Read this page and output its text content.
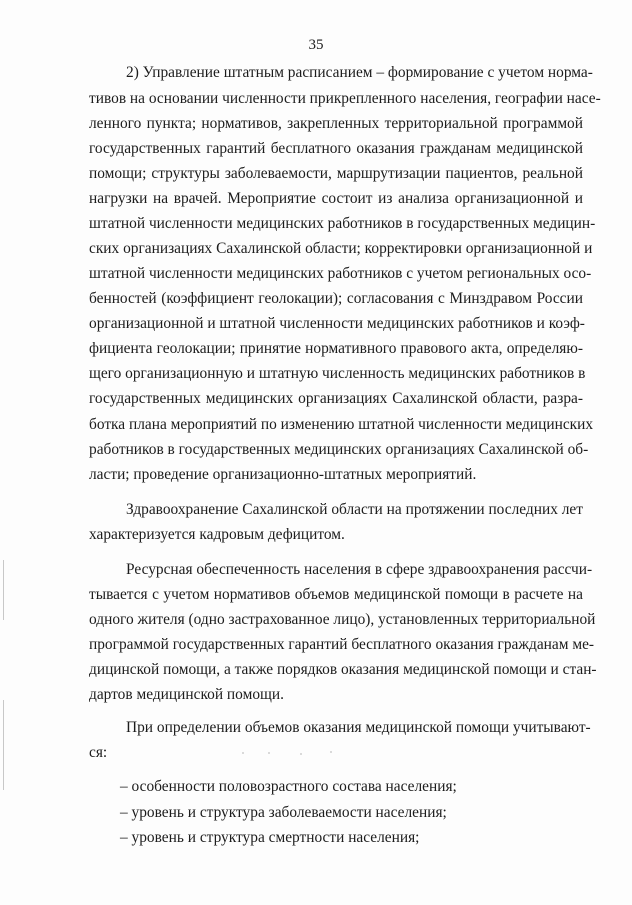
35
2) Управление штатным расписанием – формирование с учетом норма-
тивов на основании численности прикрепленного населения, географии насе-
ленного пункта; нормативов, закрепленных территориальной программой
государственных гарантий бесплатного оказания гражданам медицинской
помощи; структуры заболеваемости, маршрутизации пациентов, реальной
нагрузки на врачей. Мероприятие состоит из анализа организационной и
штатной численности медицинских работников в государственных медицин-
ских организациях Сахалинской области; корректировки организационной и
штатной численности медицинских работников с учетом региональных осо-
бенностей (коэффициент геолокации); согласования с Минздравом России
организационной и штатной численности медицинских работников и коэф-
фициента геолокации; принятие нормативного правового акта, определяю-
щего организационную и штатную численность медицинских работников в
государственных медицинских организациях Сахалинской области, разра-
ботка плана мероприятий по изменению штатной численности медицинских
работников в государственных медицинских организациях Сахалинской об-
ласти; проведение организационно-штатных мероприятий.
Здравоохранение Сахалинской области на протяжении последних лет
характеризуется кадровым дефицитом.
Ресурсная обеспеченность населения в сфере здравоохранения рассчи-
тывается с учетом нормативов объемов медицинской помощи в расчете на
одного жителя (одно застрахованное лицо), установленных территориальной
программой государственных гарантий бесплатного оказания гражданам ме-
дицинской помощи, а также порядков оказания медицинской помощи и стан-
дартов медицинской помощи.
При определении объемов оказания медицинской помощи учитывают-
ся:
– особенности половозрастного состава населения;
– уровень и структура заболеваемости населения;
– уровень и структура смертности населения;
